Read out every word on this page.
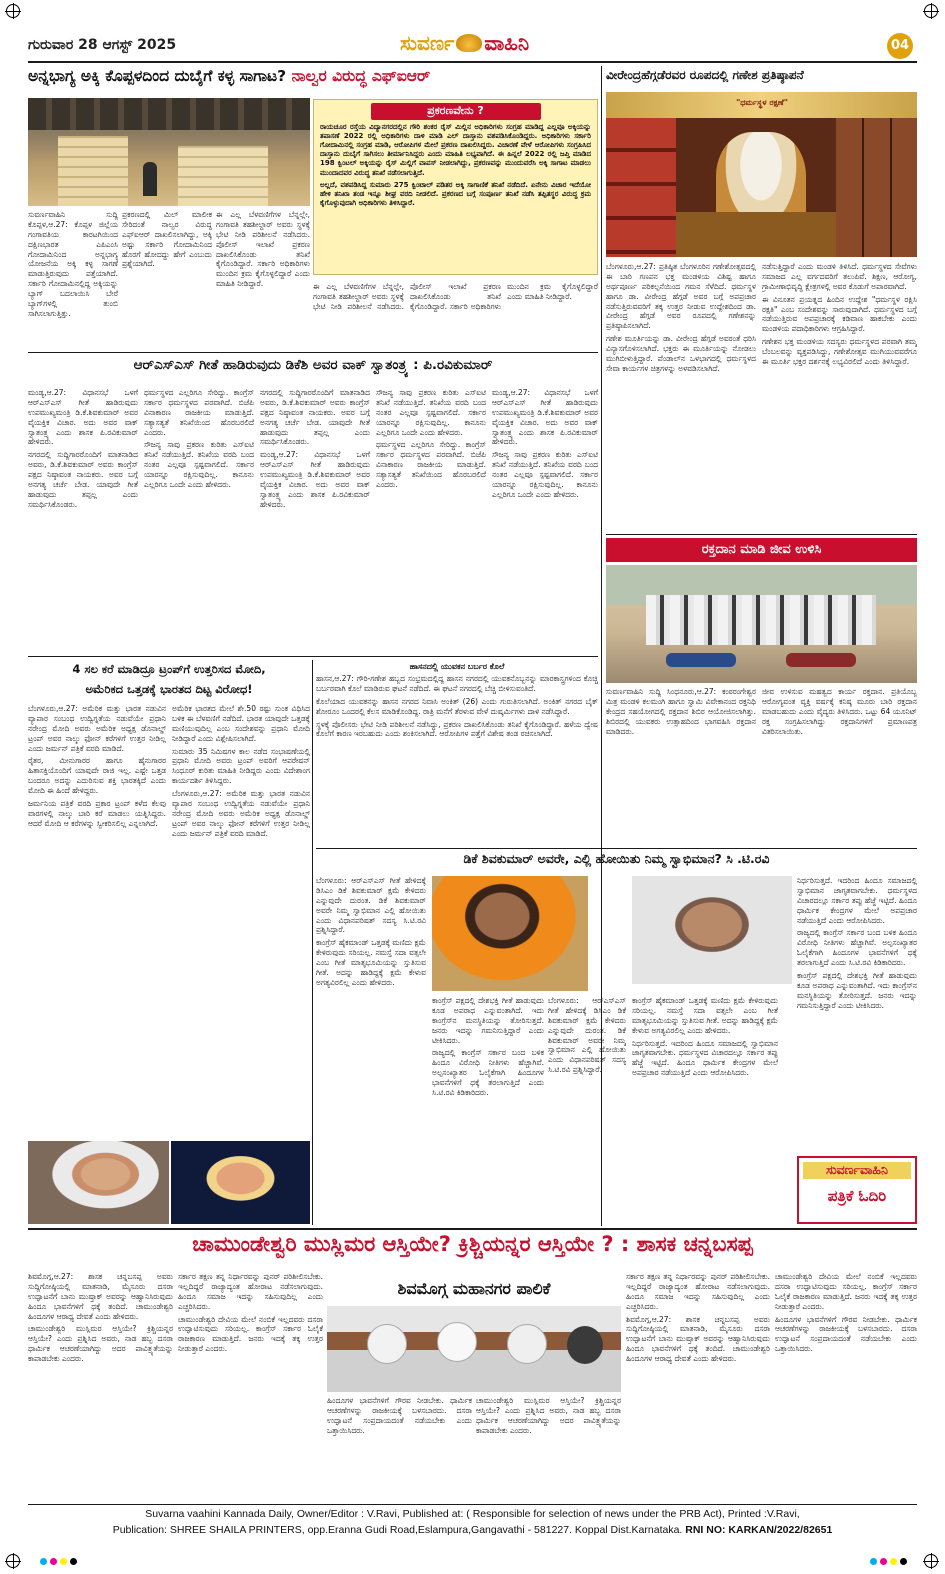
ಗುರುವಾರ 28 ಆಗಸ್ಟ್ 2025	ಸುವರ್ಣ ವಾಹಿನಿ	04
ಅನ್ನಭಾಗ್ಯ ಅಕ್ಕಿ ಕೊಪ್ಪಳದಿಂದ ದುಬೈಗೆ ಕಳ್ಳ ಸಾಗಾಟ? ನಾಲ್ವರ ವಿರುದ್ಧ ಎಫ್ಐಆರ್
ಪ್ರಕರಣವೇನು ?

ರಾಯಚೂರ ರಸ್ತೆಯ ವಿದ್ಯಾನಗರದಲ್ಲಿನ ಗೌರಿ ಶಂಕರ ರೈಸ್ ಮಿಲ್ಲಿನ ಅಧಿಕಾರಿಗಳು ಸಂಗ್ರಹ ಮಾಡಿದ್ದ ಎಲ್ಲವೂ ಅಕ್ಕಿಯನ್ನು ತಪಾಸಣೆ 2022 ರಲ್ಲಿ ಅಧಿಕಾರಿಗಳು ದಾಳಿ ಮಾಡಿ ಎಲ್ ದಾಸ್ತಾನು ವಶಪಡಿಸಿಕೊಂಡಿದ್ದರು. ಅಧಿಕಾರಿಗಳು ಸರ್ಕಾರಿ ಗೋದಾಮಿನಲ್ಲಿ ಸಂಗ್ರಹ ಮಾಡಿ, ಆರೋಪಿಗಳ ಮೇಲೆ ಪ್ರಕರಣ ದಾಖಲಿಸಿದ್ದರು. ವಿಚಾರಣೆ ವೇಳೆ ಆರೋಪಿಗಳು ಸಂಗ್ರಹಿಸಿದ ದಾಸ್ತಾನು ದುಬೈಗೆ ಸಾಗಿಸಲು ತೀರ್ಮಾನಿಸಿದ್ದರು ಎಂದು ಮಾಹಿತಿ ಲಭ್ಯವಾಗಿದೆ. ಈ ಹಿನ್ನಲೆ 2022 ರಲ್ಲಿ ಜಪ್ತಿ ಮಾಡಿದ 198 ಕ್ವಿಂಟಲ್ ಅಕ್ಕಿಯನ್ನು ರೈಸ್ ಮಿಲ್ಲಿಗೆ ವಾಪಸ್ ನೀಡಲಾಗಿದ್ದು, ಪ್ರಕರಣವನ್ನು ಮುಂದುವರೆಸಿ ಅಕ್ಕಿ ಸಾಗಾಟ ಮಾಡಲು ಮುಂದಾದವರ ವಿರುದ್ಧ ತನಿಖೆ ನಡೆಸಲಾಗುತ್ತಿದೆ.

ಅಲ್ಲದೆ, ವಶಪಡಿಸಿದ್ದ ಸುಮಾರು 275 ಕ್ವಿಂಟಾಲ್ ಪಡಿತರ ಅಕ್ಕಿ ಸಾಗಾಣಿಕೆ ತನಿಖೆ ನಡೆದಿದೆ. ಏನೇನು ವಿಚಾರ ಇದೆಯೋ ಹೇಳಿ ತನಿಖಾ ತಂಡ ಇನ್ನೂ ಶೀಘ್ರ ವರದಿ ನೀಡಲಿದೆ. ಪ್ರಕರಣದ ಬಗ್ಗೆ ಸಂಪೂರ್ಣ ತನಿಖೆ ನಡೆಸಿ ತಪ್ಪಿತಸ್ಥರ ವಿರುದ್ಧ ಕ್ರಮ ಕೈಗೊಳ್ಳುವುದಾಗಿ ಅಧಿಕಾರಿಗಳು ತಿಳಿಸಿದ್ದಾರೆ.

ಸುವರ್ಣವಾಹಿನಿ ಸುದ್ದಿ ಕೊಪ್ಪಳ,ಆ.27: ಕೊಪ್ಪಳ ಜಿಲ್ಲೆಯ ಗಂಗಾವತಿಯ ಕಾರಟಗಿಯಿಂದ ದಕ್ಷಿಣಭಾರತ ಎಪಿಎಂಸಿ ಗೋದಾಮಿನಿಂದ ಅನ್ನಭಾಗ್ಯ ಯೋಜನೆಯ ಅಕ್ಕಿ ಕಳ್ಳ ಸಾಗಣೆ ಮಾಡುತ್ತಿರುವುದು ಪತ್ತೆಯಾಗಿದೆ. ಸರ್ಕಾರಿ ಗೋದಾಮಿನಲ್ಲಿದ್ದ ಅಕ್ಕಿಯನ್ನು ಬ್ಯಾಗ್ ಬದಲಾಯಿಸಿ ಬೇರೆ ಬ್ಯಾಗ್‌ಗಳಲ್ಲಿ ತುಂಬಿ ಸಾಗಿಸಲಾಗುತ್ತಿತ್ತು.

ಪ್ರಕರಣದಲ್ಲಿ ಮಿಲ್ ಮಾಲೀಕ ಸೇರಿದಂತೆ ನಾಲ್ವರ ವಿರುದ್ಧ ಎಫ್ಐಆರ್ ದಾಖಲಿಸಲಾಗಿದ್ದು, ಅಕ್ಕಿ ಅಷ್ಟು ಸರ್ಕಾರಿ ಗೋದಾಮಿನಿಂದ ಹೊರಗೆ ಹೋದದ್ದು ಹೇಗೆ ಎಂಬುದು ಪ್ರಶ್ನೆಯಾಗಿದೆ.

ಈ ಎಲ್ಲ ಬೆಳವಣಿಗೆಗಳ ಬೆನ್ನಲ್ಲೇ, ಗಂಗಾವತಿ ತಹಶೀಲ್ದಾರ್ ಅವರು ಸ್ಥಳಕ್ಕೆ ಭೇಟಿ ನೀಡಿ ಪರಿಶೀಲನೆ ನಡೆಸಿದರು. ಪೊಲೀಸ್ ಇಲಾಖೆ ಪ್ರಕರಣ ದಾಖಲಿಸಿಕೊಂಡು ತನಿಖೆ ಕೈಗೊಂಡಿದ್ದಾರೆ. ಸರ್ಕಾರಿ ಅಧಿಕಾರಿಗಳು ಮುಂದಿನ ಕ್ರಮ ಕೈಗೊಳ್ಳಲಿದ್ದಾರೆ ಎಂದು ಮಾಹಿತಿ ನೀಡಿದ್ದಾರೆ.	ಈ ಎಲ್ಲ ಬೆಳವಣಿಗೆಗಳ ಬೆನ್ನಲ್ಲೇ, ಗಂಗಾವತಿ ತಹಶೀಲ್ದಾರ್ ಅವರು ಸ್ಥಳಕ್ಕೆ ಭೇಟಿ ನೀಡಿ ಪರಿಶೀಲನೆ ನಡೆಸಿದರು. ಪೊಲೀಸ್ ಇಲಾಖೆ ಪ್ರಕರಣ ದಾಖಲಿಸಿಕೊಂಡು ತನಿಖೆ ಕೈಗೊಂಡಿದ್ದಾರೆ. ಸರ್ಕಾರಿ ಅಧಿಕಾರಿಗಳು ಮುಂದಿನ ಕ್ರಮ ಕೈಗೊಳ್ಳಲಿದ್ದಾರೆ ಎಂದು ಮಾಹಿತಿ ನೀಡಿದ್ದಾರೆ.

ವೀರೇಂದ್ರಹೆಗ್ಗಡೆರವರ ರೂಪದಲ್ಲಿ ಗಣೇಶ ಪ್ರತಿಷ್ಠಾಪನೆ
"ಧರ್ಮಸ್ಥಳ ರಕ್ಷಣೆ"

ಬೆಂಗಳೂರು,ಆ.27: ಪ್ರತಿಷ್ಠಿತ ಬೆಂಗಳೂರಿನ ಗಣೇಶೋತ್ಸವದಲ್ಲಿ ಈ ಬಾರಿ ಗಣಪನ ಭಕ್ತ ಮಂಡಳಿಯ ವಿಶಿಷ್ಟ ಹಾಗೂ ಅರ್ಥಪೂರ್ಣ ಪರಿಕಲ್ಪನೆಯಿಂದ ಗಮನ ಸೆಳೆದಿದೆ. ಧರ್ಮಸ್ಥಳ ಹಾಗೂ ಡಾ. ವೀರೇಂದ್ರ ಹೆಗ್ಗಡೆ ಅವರ ಬಗ್ಗೆ ಅಪಪ್ರಚಾರ ನಡೆಸುತ್ತಿರುವವರಿಗೆ ತಕ್ಕ ಉತ್ತರ ನೀಡುವ ಉದ್ದೇಶದಿಂದ ಡಾ. ವೀರೇಂದ್ರ ಹೆಗ್ಗಡೆ ಅವರ ರೂಪದಲ್ಲಿ ಗಣೇಶನನ್ನು ಪ್ರತಿಷ್ಠಾಪಿಸಲಾಗಿದೆ.

ಗಣೇಶ ಮೂರ್ತಿಯನ್ನು ಡಾ. ವೀರೇಂದ್ರ ಹೆಗ್ಗಡೆ ಅವರಂತೆ ಧರಿಸಿ ವಿನ್ಯಾಸಗೊಳಿಸಲಾಗಿದೆ. ಭಕ್ತರು ಈ ಮೂರ್ತಿಯನ್ನು ನೋಡಲು ಮುಗಿಬೀಳುತ್ತಿದ್ದಾರೆ. ಪೆಂಡಾಲ್‌ನ ಒಳಭಾಗದಲ್ಲಿ ಧರ್ಮಸ್ಥಳದ ಸೇವಾ ಕಾರ್ಯಗಳ ಚಿತ್ರಗಳನ್ನು ಅಳವಡಿಸಲಾಗಿದೆ.

ನಡೆಸುತ್ತಿದ್ದಾರೆ ಎಂದು ಮಂಡಳಿ ತಿಳಿಸಿದೆ. ಧರ್ಮಸ್ಥಳದ ಸೇವೆಗಳು ಸಮಾಜದ ಎಲ್ಲ ವರ್ಗದವರಿಗೆ ತಲುಪಿವೆ. ಶಿಕ್ಷಣ, ಆರೋಗ್ಯ, ಗ್ರಾಮೀಣಾಭಿವೃದ್ಧಿ ಕ್ಷೇತ್ರಗಳಲ್ಲಿ ಅವರ ಕೊಡುಗೆ ಅಪಾರವಾಗಿದೆ.

ಈ ವಿನೂತನ ಪ್ರಯತ್ನದ ಹಿಂದಿನ ಉದ್ದೇಶ "ಧರ್ಮಸ್ಥಳ ರಕ್ಷಿಸಿ ರಕ್ಷತಿ" ಎಂಬ ಸಂದೇಶವನ್ನು ಸಾರುವುದಾಗಿದೆ. ಧರ್ಮಸ್ಥಳದ ಬಗ್ಗೆ ನಡೆಯುತ್ತಿರುವ ಅಪಪ್ರಚಾರಕ್ಕೆ ಕಡಿವಾಣ ಹಾಕಬೇಕು ಎಂದು ಮಂಡಳಿಯ ಪದಾಧಿಕಾರಿಗಳು ಆಗ್ರಹಿಸಿದ್ದಾರೆ.

ಗಣೇಶನ ಭಕ್ತ ಮಂಡಳಿಯ ಸದಸ್ಯರು ಧರ್ಮಸ್ಥಳದ ಪರವಾಗಿ ತಮ್ಮ ಬೆಂಬಲವನ್ನು ವ್ಯಕ್ತಪಡಿಸಿದ್ದು, ಗಣೇಶೋತ್ಸವ ಮುಗಿಯುವವರೆಗೂ ಈ ಮೂರ್ತಿ ಭಕ್ತರ ದರ್ಶನಕ್ಕೆ ಲಭ್ಯವಿರಲಿದೆ ಎಂದು ತಿಳಿಸಿದ್ದಾರೆ.

ಆರ್‌ಎಸ್‌ಎಸ್ ಗೀತೆ ಹಾಡಿರುವುದು ಡಿಕೆಶಿ ಅವರ ವಾಕ್ ಸ್ವಾತಂತ್ರ್ಯ : ಪಿ.ರವಿಕುಮಾರ್

ಮಂಡ್ಯ,ಆ.27: ವಿಧಾನಸಭೆ ಒಳಗೆ ಆರ್‌ಎಸ್‌ಎಸ್ ಗೀತೆ ಹಾಡಿರುವುದು ಉಪಮುಖ್ಯಮಂತ್ರಿ ಡಿ.ಕೆ.ಶಿವಕುಮಾರ್ ಅವರ ವೈಯಕ್ತಿಕ ವಿಚಾರ. ಅದು ಅವರ ವಾಕ್ ಸ್ವಾತಂತ್ರ್ಯ ಎಂದು ಶಾಸಕ ಪಿ.ರವಿಕುಮಾರ್ ಹೇಳಿದರು.

ನಗರದಲ್ಲಿ ಸುದ್ದಿಗಾರರೊಂದಿಗೆ ಮಾತನಾಡಿದ ಅವರು, ಡಿ.ಕೆ.ಶಿವಕುಮಾರ್ ಅವರು ಕಾಂಗ್ರೆಸ್ ಪಕ್ಷದ ನಿಷ್ಠಾವಂತ ನಾಯಕರು. ಅವರ ಬಗ್ಗೆ ಅನಗತ್ಯ ಚರ್ಚೆ ಬೇಡ. ಯಾವುದೇ ಗೀತೆ ಹಾಡುವುದು ತಪ್ಪಲ್ಲ ಎಂದು ಸಮರ್ಥಿಸಿಕೊಂಡರು.

ಧರ್ಮಸ್ಥಳದ ಎಲ್ಲರಿಗೂ ಸೇರಿದ್ದು. ಕಾಂಗ್ರೆಸ್ ಸರ್ಕಾರ ಧರ್ಮಸ್ಥಳದ ಪರವಾಗಿದೆ. ಬಿಜೆಪಿ ವಿನಾಕಾರಣ ರಾಜಕೀಯ ಮಾಡುತ್ತಿದೆ. ಸತ್ಯಾಸತ್ಯತೆ ತನಿಖೆಯಿಂದ ಹೊರಬರಲಿದೆ ಎಂದರು.

ಸೌಜನ್ಯ ಸಾವು ಪ್ರಕರಣ ಕುರಿತು ಎಸ್ಐಟಿ ತನಿಖೆ ನಡೆಯುತ್ತಿದೆ. ತನಿಖೆಯ ವರದಿ ಬಂದ ನಂತರ ಎಲ್ಲವೂ ಸ್ಪಷ್ಟವಾಗಲಿದೆ. ಸರ್ಕಾರ ಯಾರನ್ನೂ ರಕ್ಷಿಸುವುದಿಲ್ಲ. ಕಾನೂನು ಎಲ್ಲರಿಗೂ ಒಂದೇ ಎಂದು ಹೇಳಿದರು.

ನಗರದಲ್ಲಿ ಸುದ್ದಿಗಾರರೊಂದಿಗೆ ಮಾತನಾಡಿದ ಅವರು, ಡಿ.ಕೆ.ಶಿವಕುಮಾರ್ ಅವರು ಕಾಂಗ್ರೆಸ್ ಪಕ್ಷದ ನಿಷ್ಠಾವಂತ ನಾಯಕರು. ಅವರ ಬಗ್ಗೆ ಅನಗತ್ಯ ಚರ್ಚೆ ಬೇಡ. ಯಾವುದೇ ಗೀತೆ ಹಾಡುವುದು ತಪ್ಪಲ್ಲ ಎಂದು ಸಮರ್ಥಿಸಿಕೊಂಡರು.

ಮಂಡ್ಯ,ಆ.27: ವಿಧಾನಸಭೆ ಒಳಗೆ ಆರ್‌ಎಸ್‌ಎಸ್ ಗೀತೆ ಹಾಡಿರುವುದು ಉಪಮುಖ್ಯಮಂತ್ರಿ ಡಿ.ಕೆ.ಶಿವಕುಮಾರ್ ಅವರ ವೈಯಕ್ತಿಕ ವಿಚಾರ. ಅದು ಅವರ ವಾಕ್ ಸ್ವಾತಂತ್ರ್ಯ ಎಂದು ಶಾಸಕ ಪಿ.ರವಿಕುಮಾರ್ ಹೇಳಿದರು.

ಸೌಜನ್ಯ ಸಾವು ಪ್ರಕರಣ ಕುರಿತು ಎಸ್ಐಟಿ ತನಿಖೆ ನಡೆಯುತ್ತಿದೆ. ತನಿಖೆಯ ವರದಿ ಬಂದ ನಂತರ ಎಲ್ಲವೂ ಸ್ಪಷ್ಟವಾಗಲಿದೆ. ಸರ್ಕಾರ ಯಾರನ್ನೂ ರಕ್ಷಿಸುವುದಿಲ್ಲ. ಕಾನೂನು ಎಲ್ಲರಿಗೂ ಒಂದೇ ಎಂದು ಹೇಳಿದರು.

ಧರ್ಮಸ್ಥಳದ ಎಲ್ಲರಿಗೂ ಸೇರಿದ್ದು. ಕಾಂಗ್ರೆಸ್ ಸರ್ಕಾರ ಧರ್ಮಸ್ಥಳದ ಪರವಾಗಿದೆ. ಬಿಜೆಪಿ ವಿನಾಕಾರಣ ರಾಜಕೀಯ ಮಾಡುತ್ತಿದೆ. ಸತ್ಯಾಸತ್ಯತೆ ತನಿಖೆಯಿಂದ ಹೊರಬರಲಿದೆ ಎಂದರು.

ಮಂಡ್ಯ,ಆ.27: ವಿಧಾನಸಭೆ ಒಳಗೆ ಆರ್‌ಎಸ್‌ಎಸ್ ಗೀತೆ ಹಾಡಿರುವುದು ಉಪಮುಖ್ಯಮಂತ್ರಿ ಡಿ.ಕೆ.ಶಿವಕುಮಾರ್ ಅವರ ವೈಯಕ್ತಿಕ ವಿಚಾರ. ಅದು ಅವರ ವಾಕ್ ಸ್ವಾತಂತ್ರ್ಯ ಎಂದು ಶಾಸಕ ಪಿ.ರವಿಕುಮಾರ್ ಹೇಳಿದರು.

ಸೌಜನ್ಯ ಸಾವು ಪ್ರಕರಣ ಕುರಿತು ಎಸ್ಐಟಿ ತನಿಖೆ ನಡೆಯುತ್ತಿದೆ. ತನಿಖೆಯ ವರದಿ ಬಂದ ನಂತರ ಎಲ್ಲವೂ ಸ್ಪಷ್ಟವಾಗಲಿದೆ. ಸರ್ಕಾರ ಯಾರನ್ನೂ ರಕ್ಷಿಸುವುದಿಲ್ಲ. ಕಾನೂನು ಎಲ್ಲರಿಗೂ ಒಂದೇ ಎಂದು ಹೇಳಿದರು.

ರಕ್ತದಾನ ಮಾಡಿ ಜೀವ ಉಳಿಸಿ

ಸುವರ್ಣವಾಹಿನಿ ಸುದ್ದಿ ಸಿಂಧನೂರು,ಆ.27: ಕಂಠರಂಗೇಶ್ವರ ಮಿತ್ರ ಮಂಡಳಿ ಕಲಮಂಗಿ ಹಾಗೂ ಸ್ವಾಮಿ ವಿವೇಕಾನಂದ ರಕ್ತನಿಧಿ ಕೇಂದ್ರದ ಸಹಯೋಗದಲ್ಲಿ ರಕ್ತದಾನ ಶಿಬಿರ ಆಯೋಜಿಸಲಾಗಿತ್ತು. ಶಿಬಿರದಲ್ಲಿ ಯುವಕರು ಉತ್ಸಾಹದಿಂದ ಭಾಗವಹಿಸಿ ರಕ್ತದಾನ ಮಾಡಿದರು.

ಜೀವ ಉಳಿಸುವ ಮಹತ್ವದ ಕಾರ್ಯ ರಕ್ತದಾನ. ಪ್ರತಿಯೊಬ್ಬ ಆರೋಗ್ಯವಂತ ವ್ಯಕ್ತಿ ವರ್ಷಕ್ಕೆ ಕನಿಷ್ಠ ಮೂರು ಬಾರಿ ರಕ್ತದಾನ ಮಾಡಬಹುದು ಎಂದು ವೈದ್ಯರು ತಿಳಿಸಿದರು. ಒಟ್ಟು 64 ಯೂನಿಟ್ ರಕ್ತ ಸಂಗ್ರಹಿಸಲಾಗಿದ್ದು ರಕ್ತದಾನಿಗಳಿಗೆ ಪ್ರಮಾಣಪತ್ರ ವಿತರಿಸಲಾಯಿತು.

4 ಸಲ ಕರೆ ಮಾಡಿದ್ರೂ ಟ್ರಂಪ್‌ಗೆ ಉತ್ತರಿಸದ ಮೋದಿ,
ಅಮೆರಿಕದ ಒತ್ತಡಕ್ಕೆ ಭಾರತದ ದಿಟ್ಟ ವಿರೋಧ!

ಬೆಂಗಳೂರು,ಆ.27: ಅಮೆರಿಕ ಮತ್ತು ಭಾರತ ನಡುವಿನ ವ್ಯಾಪಾರ ಸಂಬಂಧ ಉದ್ವಿಗ್ನತೆಯ ನಡುವೆಯೇ ಪ್ರಧಾನಿ ನರೇಂದ್ರ ಮೋದಿ ಅವರು ಅಮೆರಿಕ ಅಧ್ಯಕ್ಷ ಡೊನಾಲ್ಡ್ ಟ್ರಂಪ್ ಅವರ ನಾಲ್ಕು ಫೋನ್ ಕರೆಗಳಿಗೆ ಉತ್ತರ ನೀಡಿಲ್ಲ ಎಂದು ಜರ್ಮನ್ ಪತ್ರಿಕೆ ವರದಿ ಮಾಡಿದೆ.

ರೈತರ, ಮೀನುಗಾರರ ಹಾಗೂ ಹೈನುಗಾರರ ಹಿತಾಸಕ್ತಿಯೊಂದಿಗೆ ಯಾವುದೇ ರಾಜಿ ಇಲ್ಲ. ಎಷ್ಟೇ ಒತ್ತಡ ಬಂದರೂ ಅದನ್ನು ಎದುರಿಸುವ ಶಕ್ತಿ ಭಾರತಕ್ಕಿದೆ ಎಂದು ಮೋದಿ ಈ ಹಿಂದೆ ಹೇಳಿದ್ದರು.

ಜರ್ಮನಿಯ ಪತ್ರಿಕೆ ವರದಿ ಪ್ರಕಾರ ಟ್ರಂಪ್ ಕಳೆದ ಕೆಲವು ವಾರಗಳಲ್ಲಿ ನಾಲ್ಕು ಬಾರಿ ಕರೆ ಮಾಡಲು ಯತ್ನಿಸಿದ್ದರು. ಆದರೆ ಮೋದಿ ಆ ಕರೆಗಳನ್ನು ಸ್ವೀಕರಿಸಲಿಲ್ಲ ಎನ್ನಲಾಗಿದೆ.

ಅಮೆರಿಕ ಭಾರತದ ಮೇಲೆ ಶೇ.50 ರಷ್ಟು ಸುಂಕ ವಿಧಿಸಿದ ಬಳಿಕ ಈ ಬೆಳವಣಿಗೆ ನಡೆದಿದೆ. ಭಾರತ ಯಾವುದೇ ಒತ್ತಡಕ್ಕೆ ಮಣಿಯುವುದಿಲ್ಲ ಎಂಬ ಸಂದೇಶವನ್ನು ಪ್ರಧಾನಿ ಮೋದಿ ನೀಡಿದ್ದಾರೆ ಎಂದು ವಿಶ್ಲೇಷಿಸಲಾಗಿದೆ.

ಸುಮಾರು 35 ನಿಮಿಷಗಳ ಕಾಲ ನಡೆದ ಸಂಭಾಷಣೆಯಲ್ಲಿ ಪ್ರಧಾನಿ ಮೋದಿ ಅವರು ಟ್ರಂಪ್ ಅವರಿಗೆ ಆಪರೇಷನ್ ಸಿಂಧೂರ್ ಕುರಿತು ಮಾಹಿತಿ ನೀಡಿದ್ದರು ಎಂದು ವಿದೇಶಾಂಗ ಕಾರ್ಯದರ್ಶಿ ತಿಳಿಸಿದ್ದರು.

ಬೆಂಗಳೂರು,ಆ.27: ಅಮೆರಿಕ ಮತ್ತು ಭಾರತ ನಡುವಿನ ವ್ಯಾಪಾರ ಸಂಬಂಧ ಉದ್ವಿಗ್ನತೆಯ ನಡುವೆಯೇ ಪ್ರಧಾನಿ ನರೇಂದ್ರ ಮೋದಿ ಅವರು ಅಮೆರಿಕ ಅಧ್ಯಕ್ಷ ಡೊನಾಲ್ಡ್ ಟ್ರಂಪ್ ಅವರ ನಾಲ್ಕು ಫೋನ್ ಕರೆಗಳಿಗೆ ಉತ್ತರ ನೀಡಿಲ್ಲ ಎಂದು ಜರ್ಮನ್ ಪತ್ರಿಕೆ ವರದಿ ಮಾಡಿದೆ.

ಹಾಸನದಲ್ಲಿ ಯುವಕನ ಬರ್ಬರ ಕೊಲೆ

ಹಾಸನ,ಆ.27: ಗೌರಿ-ಗಣೇಶ ಹಬ್ಬದ ಸಂಭ್ರಮದಲ್ಲಿದ್ದ ಹಾಸನ ನಗರದಲ್ಲಿ ಯುವಕನೊಬ್ಬನನ್ನು ಮಾರಕಾಸ್ತ್ರಗಳಿಂದ ಕೊಚ್ಚಿ ಬರ್ಬರವಾಗಿ ಕೊಲೆ ಮಾಡಿರುವ ಘಟನೆ ನಡೆದಿದೆ. ಈ ಘಟನೆ ನಗರದಲ್ಲಿ ಬೆಚ್ಚಿ ಬೀಳಿಸುವಂತಿದೆ.

ಕೊಲೆಯಾದ ಯುವಕನನ್ನು ಹಾಸನ ನಗರದ ನಿವಾಸಿ ಅಂಕಿತ್ (26) ಎಂದು ಗುರುತಿಸಲಾಗಿದೆ. ಅಂಕಿತ್ ನಗರದ ಬೈಕ್ ಶೋರೂಂ ಒಂದರಲ್ಲಿ ಕೆಲಸ ಮಾಡಿಕೊಂಡಿದ್ದ. ರಾತ್ರಿ ಮನೆಗೆ ತೆರಳುವ ವೇಳೆ ದುಷ್ಕರ್ಮಿಗಳು ದಾಳಿ ನಡೆಸಿದ್ದಾರೆ.

ಸ್ಥಳಕ್ಕೆ ಪೊಲೀಸರು ಭೇಟಿ ನೀಡಿ ಪರಿಶೀಲನೆ ನಡೆಸಿದ್ದು, ಪ್ರಕರಣ ದಾಖಲಿಸಿಕೊಂಡು ತನಿಖೆ ಕೈಗೊಂಡಿದ್ದಾರೆ. ಹಳೆಯ ದ್ವೇಷ ಕೊಲೆಗೆ ಕಾರಣ ಇರಬಹುದು ಎಂದು ಶಂಕಿಸಲಾಗಿದೆ. ಆರೋಪಿಗಳ ಪತ್ತೆಗೆ ವಿಶೇಷ ತಂಡ ರಚಿಸಲಾಗಿದೆ.

ಡಿಕೆ ಶಿವಕುಮಾರ್ ಅವರೇ, ಎಲ್ಲಿ ಹೋಯಿತು ನಿಮ್ಮ ಸ್ವಾಭಿಮಾನ? ಸಿ .ಟಿ.ರವಿ

ಬೆಂಗಳೂರು: ಆರ್‌ಎಸ್‌ಎಸ್ ಗೀತೆ ಹೇಳಿದಕ್ಕೆ ಡಿಸಿಎಂ ಡಿಕೆ ಶಿವಕುಮಾರ್ ಕ್ಷಮೆ ಕೇಳಿದರು ಎನ್ನುವುದೇ ದುರಂತ. ಡಿಕೆ ಶಿವಕುಮಾರ್ ಅವರೇ ನಿಮ್ಮ ಸ್ವಾಭಿಮಾನ ಎಲ್ಲಿ ಹೋಯಿತು ಎಂದು ವಿಧಾನಪರಿಷತ್ ಸದಸ್ಯ ಸಿ.ಟಿ.ರವಿ ಪ್ರಶ್ನಿಸಿದ್ದಾರೆ.

ಕಾಂಗ್ರೆಸ್ ಹೈಕಮಾಂಡ್ ಒತ್ತಡಕ್ಕೆ ಮಣಿದು ಕ್ಷಮೆ ಕೇಳಿರುವುದು ಸರಿಯಲ್ಲ. ನಮಸ್ತೆ ಸದಾ ವತ್ಸಲೇ ಎಂಬ ಗೀತೆ ಮಾತೃಭೂಮಿಯನ್ನು ಸ್ತುತಿಸುವ ಗೀತೆ. ಅದನ್ನು ಹಾಡಿದ್ದಕ್ಕೆ ಕ್ಷಮೆ ಕೇಳುವ ಅಗತ್ಯವಿರಲಿಲ್ಲ ಎಂದು ಹೇಳಿದರು.

ಕಾಂಗ್ರೆಸ್ ಪಕ್ಷದಲ್ಲಿ ದೇಶಭಕ್ತಿ ಗೀತೆ ಹಾಡುವುದು ಕೂಡ ಅಪರಾಧ ಎನ್ನುವಂತಾಗಿದೆ. ಇದು ಕಾಂಗ್ರೆಸ್‌ನ ಮನಸ್ಥಿತಿಯನ್ನು ತೋರಿಸುತ್ತದೆ. ಜನರು ಇದನ್ನು ಗಮನಿಸುತ್ತಿದ್ದಾರೆ ಎಂದು ಟೀಕಿಸಿದರು.

ರಾಜ್ಯದಲ್ಲಿ ಕಾಂಗ್ರೆಸ್ ಸರ್ಕಾರ ಬಂದ ಬಳಿಕ ಹಿಂದೂ ವಿರೋಧಿ ನೀತಿಗಳು ಹೆಚ್ಚಾಗಿವೆ. ಅಲ್ಪಸಂಖ್ಯಾತರ ಓಲೈಕೆಗಾಗಿ ಹಿಂದೂಗಳ ಭಾವನೆಗಳಿಗೆ ಧಕ್ಕೆ ತರಲಾಗುತ್ತಿದೆ ಎಂದು ಸಿ.ಟಿ.ರವಿ ಕಿಡಿಕಾರಿದರು.

ಬೆಂಗಳೂರು: ಆರ್‌ಎಸ್‌ಎಸ್ ಗೀತೆ ಹೇಳಿದಕ್ಕೆ ಡಿಸಿಎಂ ಡಿಕೆ ಶಿವಕುಮಾರ್ ಕ್ಷಮೆ ಕೇಳಿದರು ಎನ್ನುವುದೇ ದುರಂತ. ಡಿಕೆ ಶಿವಕುಮಾರ್ ಅವರೇ ನಿಮ್ಮ ಸ್ವಾಭಿಮಾನ ಎಲ್ಲಿ ಹೋಯಿತು ಎಂದು ವಿಧಾನಪರಿಷತ್ ಸದಸ್ಯ ಸಿ.ಟಿ.ರವಿ ಪ್ರಶ್ನಿಸಿದ್ದಾರೆ.

ಕಾಂಗ್ರೆಸ್ ಹೈಕಮಾಂಡ್ ಒತ್ತಡಕ್ಕೆ ಮಣಿದು ಕ್ಷಮೆ ಕೇಳಿರುವುದು ಸರಿಯಲ್ಲ. ನಮಸ್ತೆ ಸದಾ ವತ್ಸಲೇ ಎಂಬ ಗೀತೆ ಮಾತೃಭೂಮಿಯನ್ನು ಸ್ತುತಿಸುವ ಗೀತೆ. ಅದನ್ನು ಹಾಡಿದ್ದಕ್ಕೆ ಕ್ಷಮೆ ಕೇಳುವ ಅಗತ್ಯವಿರಲಿಲ್ಲ ಎಂದು ಹೇಳಿದರು.

ನಿರ್ಧರಿಸುತ್ತದೆ. ಇದರಿಂದ ಹಿಂದೂ ಸಮಾಜದಲ್ಲಿ ಸ್ವಾಭಿಮಾನ ಜಾಗೃತವಾಗಬೇಕು. ಧರ್ಮಸ್ಥಳದ ವಿಚಾರದಲ್ಲೂ ಸರ್ಕಾರ ತಪ್ಪು ಹೆಜ್ಜೆ ಇಟ್ಟಿದೆ. ಹಿಂದೂ ಧಾರ್ಮಿಕ ಕೇಂದ್ರಗಳ ಮೇಲೆ ಅಪಪ್ರಚಾರ ನಡೆಯುತ್ತಿದೆ ಎಂದು ಆರೋಪಿಸಿದರು.

ನಿರ್ಧರಿಸುತ್ತದೆ. ಇದರಿಂದ ಹಿಂದೂ ಸಮಾಜದಲ್ಲಿ ಸ್ವಾಭಿಮಾನ ಜಾಗೃತವಾಗಬೇಕು. ಧರ್ಮಸ್ಥಳದ ವಿಚಾರದಲ್ಲೂ ಸರ್ಕಾರ ತಪ್ಪು ಹೆಜ್ಜೆ ಇಟ್ಟಿದೆ. ಹಿಂದೂ ಧಾರ್ಮಿಕ ಕೇಂದ್ರಗಳ ಮೇಲೆ ಅಪಪ್ರಚಾರ ನಡೆಯುತ್ತಿದೆ ಎಂದು ಆರೋಪಿಸಿದರು.

ರಾಜ್ಯದಲ್ಲಿ ಕಾಂಗ್ರೆಸ್ ಸರ್ಕಾರ ಬಂದ ಬಳಿಕ ಹಿಂದೂ ವಿರೋಧಿ ನೀತಿಗಳು ಹೆಚ್ಚಾಗಿವೆ. ಅಲ್ಪಸಂಖ್ಯಾತರ ಓಲೈಕೆಗಾಗಿ ಹಿಂದೂಗಳ ಭಾವನೆಗಳಿಗೆ ಧಕ್ಕೆ ತರಲಾಗುತ್ತಿದೆ ಎಂದು ಸಿ.ಟಿ.ರವಿ ಕಿಡಿಕಾರಿದರು.

ಕಾಂಗ್ರೆಸ್ ಪಕ್ಷದಲ್ಲಿ ದೇಶಭಕ್ತಿ ಗೀತೆ ಹಾಡುವುದು ಕೂಡ ಅಪರಾಧ ಎನ್ನುವಂತಾಗಿದೆ. ಇದು ಕಾಂಗ್ರೆಸ್‌ನ ಮನಸ್ಥಿತಿಯನ್ನು ತೋರಿಸುತ್ತದೆ. ಜನರು ಇದನ್ನು ಗಮನಿಸುತ್ತಿದ್ದಾರೆ ಎಂದು ಟೀಕಿಸಿದರು.

ಸುವರ್ಣವಾಹಿನಿ
ಪತ್ರಿಕೆ ಓದಿರಿ
ಚಾಮುಂಡೇಶ್ವರಿ ಮುಸ್ಲಿಮರ ಆಸ್ತಿಯೇ? ಕ್ರಿಶ್ಚಿಯನ್ನರ ಆಸ್ತಿಯೇ ? : ಶಾಸಕ ಚನ್ನಬಸಪ್ಪ

ಶಿವಮೊಗ್ಗ,ಆ.27: ಶಾಸಕ ಚನ್ನಬಸಪ್ಪ ಅವರು ಸುದ್ದಿಗೋಷ್ಠಿಯಲ್ಲಿ ಮಾತನಾಡಿ, ಮೈಸೂರು ದಸರಾ ಉದ್ಘಾಟನೆಗೆ ಬಾನು ಮುಷ್ತಾಕ್ ಅವರನ್ನು ಆಹ್ವಾನಿಸಿರುವುದು ಹಿಂದೂ ಭಾವನೆಗಳಿಗೆ ಧಕ್ಕೆ ತಂದಿದೆ. ಚಾಮುಂಡೇಶ್ವರಿ ಹಿಂದೂಗಳ ಆರಾಧ್ಯ ದೇವತೆ ಎಂದು ಹೇಳಿದರು.

ಚಾಮುಂಡೇಶ್ವರಿ ಮುಸ್ಲಿಮರ ಆಸ್ತಿಯೇ? ಕ್ರಿಶ್ಚಿಯನ್ನರ ಆಸ್ತಿಯೇ? ಎಂದು ಪ್ರಶ್ನಿಸಿದ ಅವರು, ನಾಡ ಹಬ್ಬ ದಸರಾ ಧಾರ್ಮಿಕ ಆಚರಣೆಯಾಗಿದ್ದು ಅದರ ಪಾವಿತ್ರ್ಯತೆಯನ್ನು ಕಾಪಾಡಬೇಕು ಎಂದರು.

ಸರ್ಕಾರ ತಕ್ಷಣ ತನ್ನ ನಿರ್ಧಾರವನ್ನು ಪುನರ್ ಪರಿಶೀಲಿಸಬೇಕು. ಇಲ್ಲದಿದ್ದರೆ ರಾಜ್ಯಾದ್ಯಂತ ಹೋರಾಟ ನಡೆಸಲಾಗುವುದು. ಹಿಂದೂ ಸಮಾಜ ಇದನ್ನು ಸಹಿಸುವುದಿಲ್ಲ ಎಂದು ಎಚ್ಚರಿಸಿದರು.

ಚಾಮುಂಡೇಶ್ವರಿ ದೇವಿಯ ಮೇಲೆ ನಂಬಿಕೆ ಇಲ್ಲದವರು ದಸರಾ ಉದ್ಘಾಟಿಸುವುದು ಸರಿಯಲ್ಲ. ಕಾಂಗ್ರೆಸ್ ಸರ್ಕಾರ ಓಲೈಕೆ ರಾಜಕಾರಣ ಮಾಡುತ್ತಿದೆ. ಜನರು ಇದಕ್ಕೆ ತಕ್ಕ ಉತ್ತರ ನೀಡುತ್ತಾರೆ ಎಂದರು.

ಶಿವಮೊಗ್ಗ ಮಹಾನಗರ ಪಾಲಿಕೆ

ಹಿಂದೂಗಳ ಭಾವನೆಗಳಿಗೆ ಗೌರವ ನೀಡಬೇಕು. ಧಾರ್ಮಿಕ ಆಚರಣೆಗಳನ್ನು ರಾಜಕೀಯಕ್ಕೆ ಬಳಸಬಾರದು. ದಸರಾ ಉದ್ಘಾಟನೆ ಸಂಪ್ರದಾಯದಂತೆ ನಡೆಯಬೇಕು ಎಂದು ಒತ್ತಾಯಿಸಿದರು.

ಚಾಮುಂಡೇಶ್ವರಿ ಮುಸ್ಲಿಮರ ಆಸ್ತಿಯೇ? ಕ್ರಿಶ್ಚಿಯನ್ನರ ಆಸ್ತಿಯೇ? ಎಂದು ಪ್ರಶ್ನಿಸಿದ ಅವರು, ನಾಡ ಹಬ್ಬ ದಸರಾ ಧಾರ್ಮಿಕ ಆಚರಣೆಯಾಗಿದ್ದು ಅದರ ಪಾವಿತ್ರ್ಯತೆಯನ್ನು ಕಾಪಾಡಬೇಕು ಎಂದರು.

ಸರ್ಕಾರ ತಕ್ಷಣ ತನ್ನ ನಿರ್ಧಾರವನ್ನು ಪುನರ್ ಪರಿಶೀಲಿಸಬೇಕು. ಇಲ್ಲದಿದ್ದರೆ ರಾಜ್ಯಾದ್ಯಂತ ಹೋರಾಟ ನಡೆಸಲಾಗುವುದು. ಹಿಂದೂ ಸಮಾಜ ಇದನ್ನು ಸಹಿಸುವುದಿಲ್ಲ ಎಂದು ಎಚ್ಚರಿಸಿದರು.

ಶಿವಮೊಗ್ಗ,ಆ.27: ಶಾಸಕ ಚನ್ನಬಸಪ್ಪ ಅವರು ಸುದ್ದಿಗೋಷ್ಠಿಯಲ್ಲಿ ಮಾತನಾಡಿ, ಮೈಸೂರು ದಸರಾ ಉದ್ಘಾಟನೆಗೆ ಬಾನು ಮುಷ್ತಾಕ್ ಅವರನ್ನು ಆಹ್ವಾನಿಸಿರುವುದು ಹಿಂದೂ ಭಾವನೆಗಳಿಗೆ ಧಕ್ಕೆ ತಂದಿದೆ. ಚಾಮುಂಡೇಶ್ವರಿ ಹಿಂದೂಗಳ ಆರಾಧ್ಯ ದೇವತೆ ಎಂದು ಹೇಳಿದರು.

ಚಾಮುಂಡೇಶ್ವರಿ ದೇವಿಯ ಮೇಲೆ ನಂಬಿಕೆ ಇಲ್ಲದವರು ದಸರಾ ಉದ್ಘಾಟಿಸುವುದು ಸರಿಯಲ್ಲ. ಕಾಂಗ್ರೆಸ್ ಸರ್ಕಾರ ಓಲೈಕೆ ರಾಜಕಾರಣ ಮಾಡುತ್ತಿದೆ. ಜನರು ಇದಕ್ಕೆ ತಕ್ಕ ಉತ್ತರ ನೀಡುತ್ತಾರೆ ಎಂದರು.

ಹಿಂದೂಗಳ ಭಾವನೆಗಳಿಗೆ ಗೌರವ ನೀಡಬೇಕು. ಧಾರ್ಮಿಕ ಆಚರಣೆಗಳನ್ನು ರಾಜಕೀಯಕ್ಕೆ ಬಳಸಬಾರದು. ದಸರಾ ಉದ್ಘಾಟನೆ ಸಂಪ್ರದಾಯದಂತೆ ನಡೆಯಬೇಕು ಎಂದು ಒತ್ತಾಯಿಸಿದರು.

Suvarna vaahini Kannada Daily, Owner/Editor : V.Ravi, Published at: ( Responsible for selection of news under the PRB Act), Printed :V.Ravi,
Publication: SHREE SHAILA PRINTERS, opp.Eranna Gudi Road,Eslampura,Gangavathi - 581227. Koppal Dist.Karnataka. RNI NO: KARKAN/2022/82651
